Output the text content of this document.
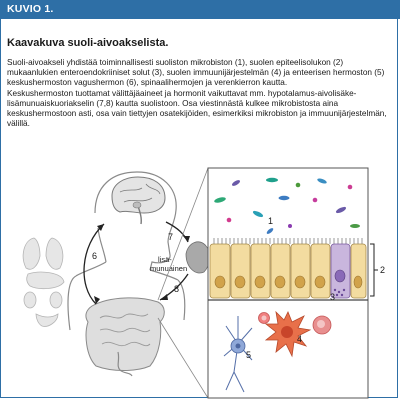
KUVIO 1.
Kaavakuva suoli-aivoakselista.

Suoli-aivoakseli yhdistää toiminnallisesti suoliston mikrobiston (1), suolen epiteelisolukon (2) mukaanlukien enteroendokriiniset solut (3), suolen immuunijärjestelmän (4) ja enteerisen hermoston (5) keskushermoston vagushermon (6), spinaalihermojen ja verenkierron kautta.

Keskushermoston tuottamat välittäjäaineet ja hormonit vaikuttavat mm. hypotalamus-aivolisäke-lisämunuaiskuoriakselin (7,8) kautta suolistoon. Osa viestinnästä kulkee mikrobistosta aina keskushermostoon asti, osa vain tiettyjen osatekijöiden, esimerkiksi mikrobiston ja immuunijärjestelmän, välillä.

6
7
lisä-
munuainen
8
1
3
4
5
2
